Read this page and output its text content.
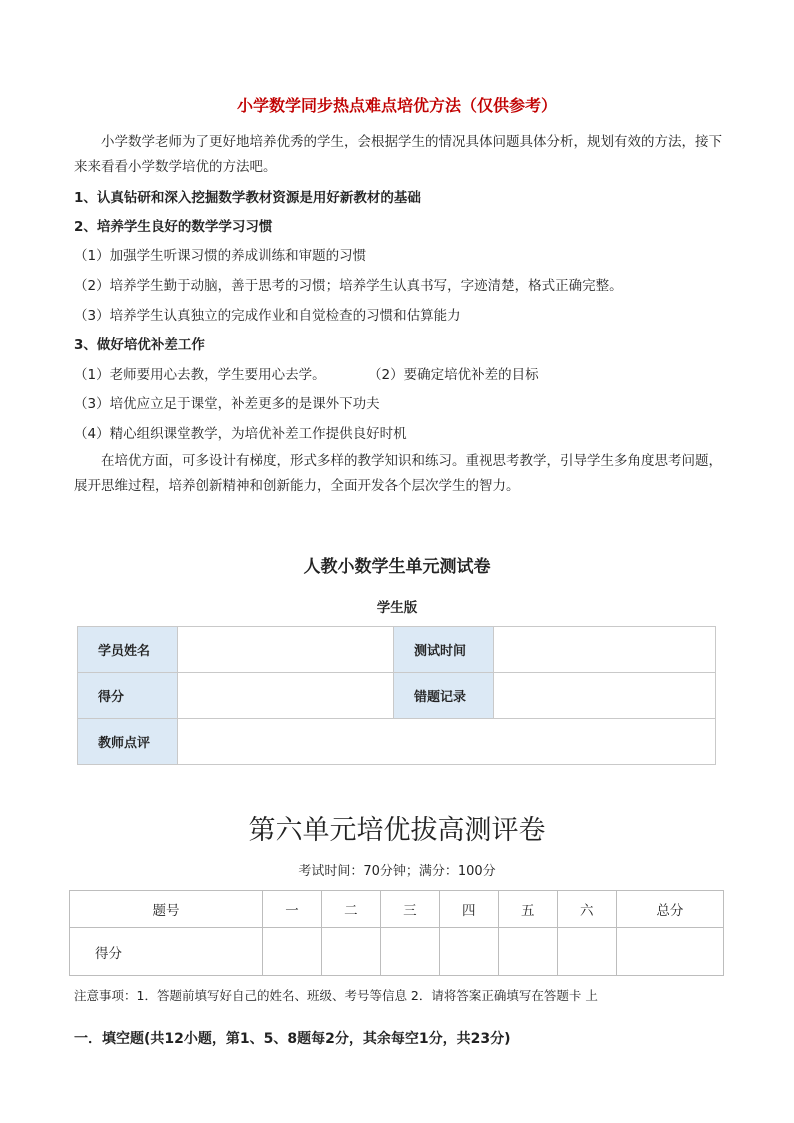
小学数学同步热点难点培优方法（仅供参考）
小学数学老师为了更好地培养优秀的学生，会根据学生的情况具体问题具体分析，规划有效的方法，接下来来看看小学数学培优的方法吧。
1、认真钻研和深入挖掘数学教材资源是用好新教材的基础
2、培养学生良好的数学学习习惯
（1）加强学生听课习惯的养成训练和审题的习惯
（2）培养学生勤于动脑，善于思考的习惯；培养学生认真书写，字迹清楚，格式正确完整。
（3）培养学生认真独立的完成作业和自觉检查的习惯和估算能力
3、做好培优补差工作
（1）老师要用心去教，学生要用心去学。	（2）要确定培优补差的目标
（3）培优应立足于课堂，补差更多的是课外下功夫
（4）精心组织课堂教学，为培优补差工作提供良好时机
在培优方面，可多设计有梯度，形式多样的教学知识和练习。重视思考教学，引导学生多角度思考问题，展开思维过程，培养创新精神和创新能力，全面开发各个层次学生的智力。
人教小数学生单元测试卷
学生版
学员姓名		测试时间	
得分		错题记录	
教师点评			
第六单元培优拔高测评卷
考试时间：70分钟；满分：100分
题号	一	二	三	四	五	六	总分
得分							
注意事项：1．答题前填写好自己的姓名、班级、考号等信息 2．请将答案正确填写在答题卡 上
一．填空题(共12小题，第1、5、8题每2分，其余每空1分，共23分)
